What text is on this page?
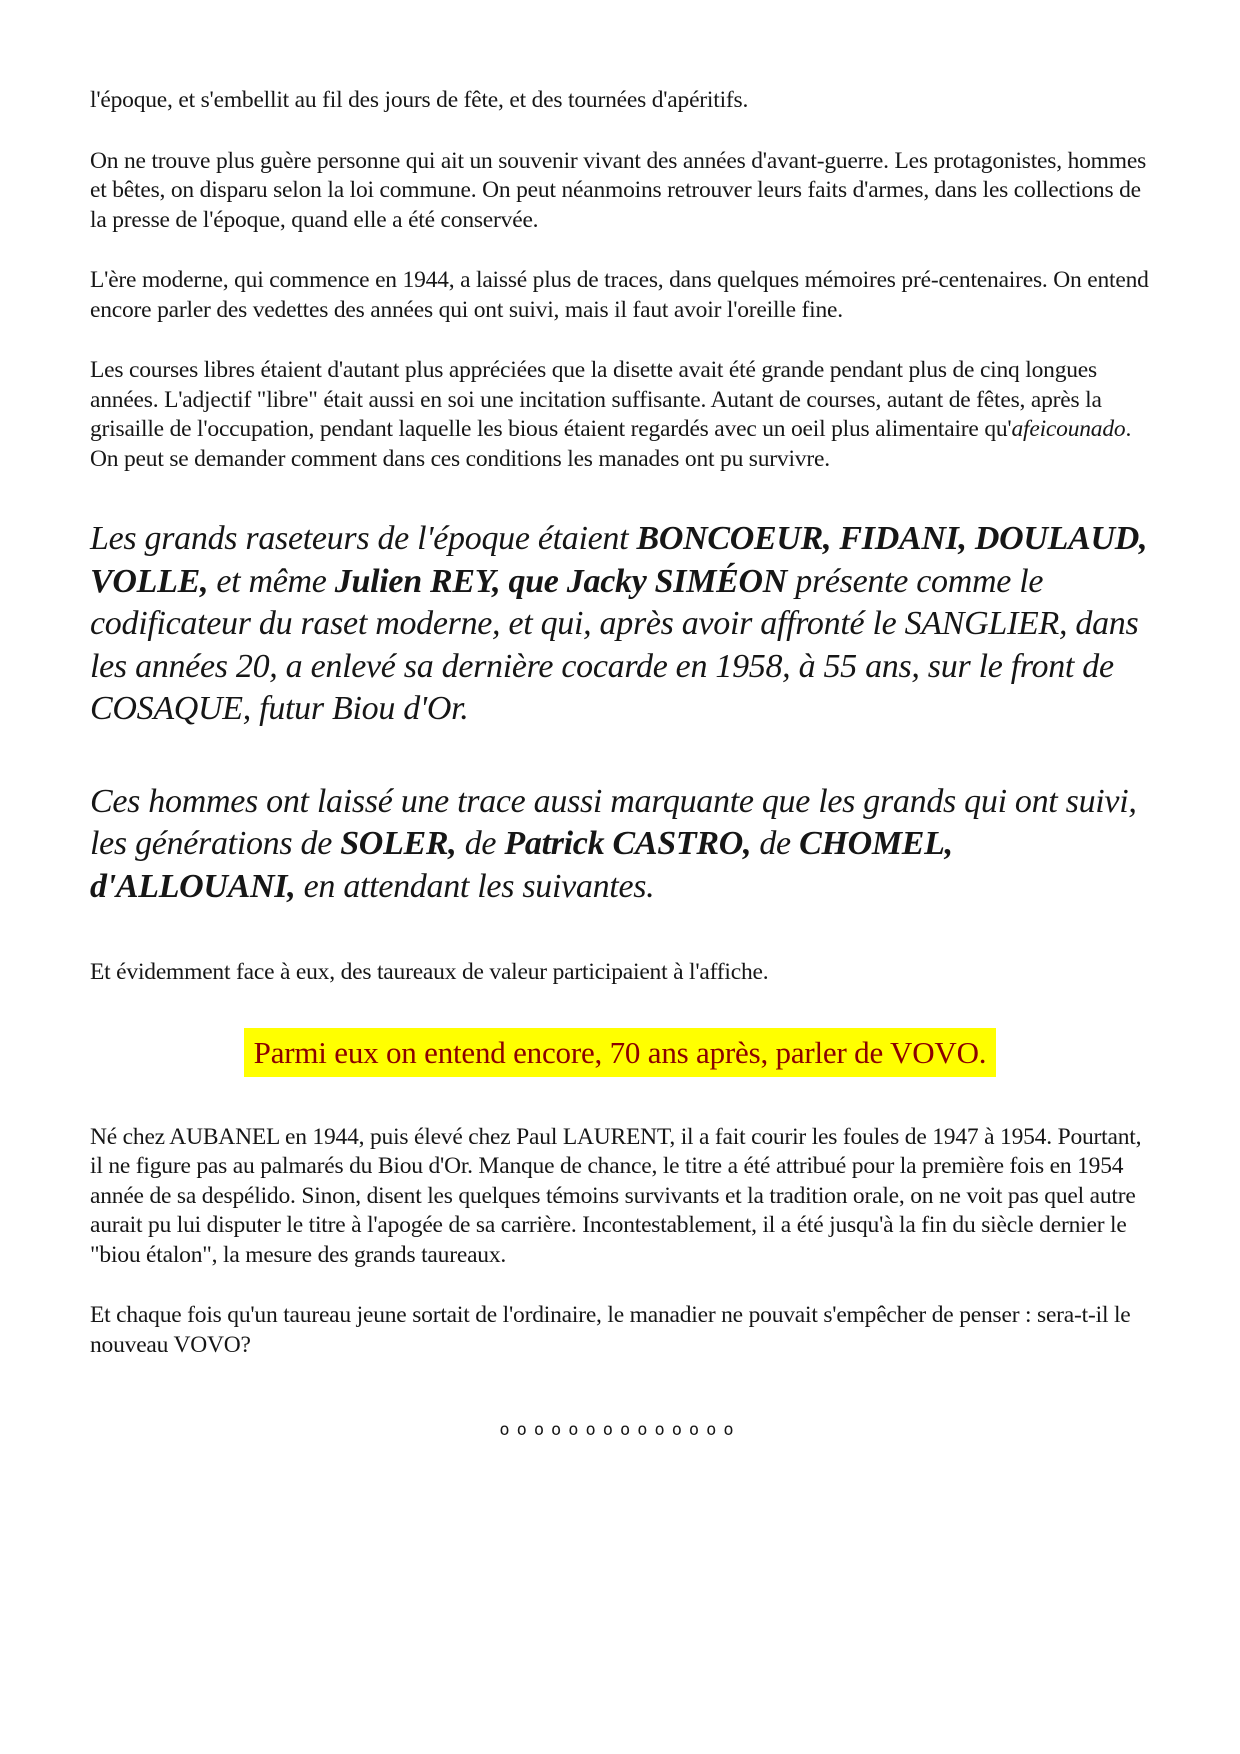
l'époque, et s'embellit au fil des jours de fête, et des tournées d'apéritifs.
On ne trouve plus guère personne qui ait un souvenir vivant des années d'avant-guerre. Les protagonistes, hommes et bêtes, on disparu selon la loi commune. On peut néanmoins retrouver leurs faits d'armes, dans les collections de la presse de l'époque, quand elle a été conservée.
L'ère moderne, qui commence en 1944, a laissé plus de traces, dans quelques mémoires pré-centenaires. On entend encore parler des vedettes des années qui ont suivi, mais il faut avoir l'oreille fine.
Les courses libres étaient d'autant plus appréciées que la disette avait été grande pendant plus de cinq longues années. L'adjectif "libre" était aussi en soi une incitation suffisante. Autant de courses, autant de fêtes, après la grisaille de l'occupation, pendant laquelle les bious étaient regardés avec un oeil plus alimentaire qu'afeicounado. On peut se demander comment dans ces conditions les manades ont pu survivre.
Les grands raseteurs de l'époque étaient BONCOEUR, FIDANI, DOULAUD, VOLLE, et même Julien REY, que Jacky SIMÉON présente comme le codificateur du raset moderne, et qui, après avoir affronté le SANGLIER, dans les années 20, a enlevé sa dernière cocarde en 1958, à 55 ans, sur le front de COSAQUE, futur Biou d'Or.
Ces hommes ont laissé une trace aussi marquante que les grands qui ont suivi, les générations de SOLER, de Patrick CASTRO, de CHOMEL, d'ALLOUANI, en attendant les suivantes.
Et évidemment face à eux, des taureaux de valeur participaient à l'affiche.
Parmi eux on entend encore, 70 ans après, parler de VOVO.
Né chez AUBANEL en 1944, puis élevé chez Paul LAURENT, il a fait courir les foules de 1947 à 1954. Pourtant, il ne figure pas au palmarés du Biou d'Or. Manque de chance, le titre a été attribué pour la première fois en 1954 année de sa despélido. Sinon, disent les quelques témoins survivants et la tradition orale, on ne voit pas quel autre aurait pu lui disputer le titre à l'apogée de sa carrière. Incontestablement, il a été jusqu'à la fin du siècle dernier le "biou étalon", la mesure des grands taureaux.
Et chaque fois qu'un taureau jeune sortait de l'ordinaire, le manadier ne pouvait s'empêcher de penser : sera-t-il le nouveau VOVO?
oooooooooooooo
